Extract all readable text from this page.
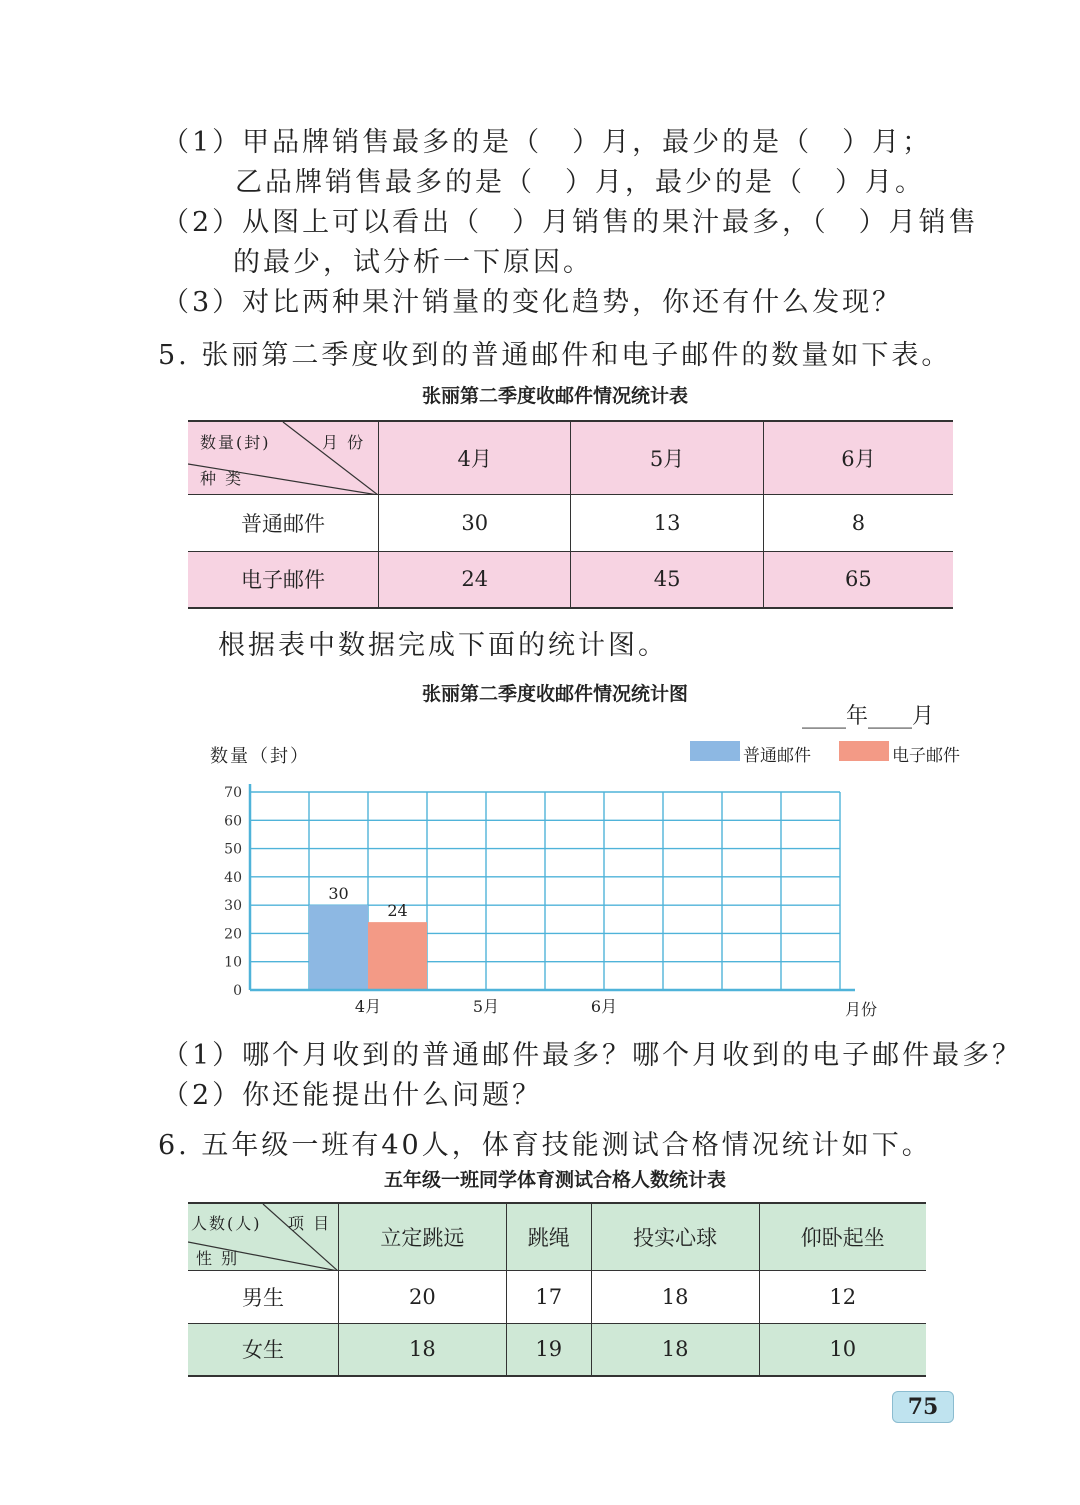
（1）甲品牌销售最多的是（　）月，最少的是（　）月；
乙品牌销售最多的是（　）月，最少的是（　）月。
（2）从图上可以看出（　）月销售的果汁最多，（　）月销售
的最少，试分析一下原因。
（3）对比两种果汁销量的变化趋势，你还有什么发现？
5. 张丽第二季度收到的普通邮件和电子邮件的数量如下表。
张丽第二季度收邮件情况统计表
数量(封) 月 份
种 类	4月	5月	6月
普通邮件	30	13	8
电子邮件	24	45	65
根据表中数据完成下面的统计图。
张丽第二季度收邮件情况统计图
____年____月
普通邮件	电子邮件
数量（封）
0
10
20
30
40
50
60
70
30
24
4月	5月	6月	月份
（1）哪个月收到的普通邮件最多？哪个月收到的电子邮件最多？
（2）你还能提出什么问题？
6. 五年级一班有40人，体育技能测试合格情况统计如下。
五年级一班同学体育测试合格人数统计表
人数(人) 项 目
性 别	立定跳远	跳绳	投实心球	仰卧起坐
男生	20	17	18	12
女生	18	19	18	10
75
